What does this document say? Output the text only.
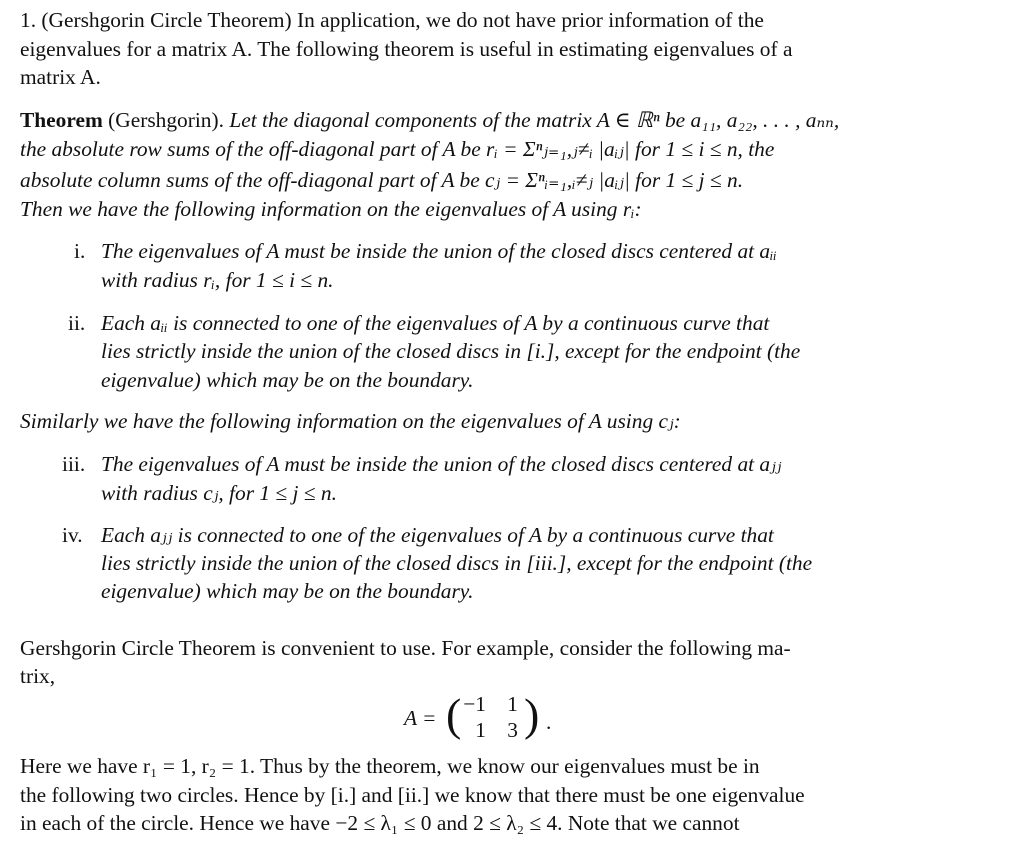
1. (Gershgorin Circle Theorem) In application, we do not have prior information of the
eigenvalues for a matrix A. The following theorem is useful in estimating eigenvalues of a
matrix A.
Theorem (Gershgorin). Let the diagonal components of the matrix A ∈ ℝⁿ be a₁₁, a₂₂, . . . , aₙₙ,
the absolute row sums of the off-diagonal part of A be rᵢ = Σⁿⱼ₌₁,ⱼ≠ᵢ |aᵢⱼ| for 1 ≤ i ≤ n, the
absolute column sums of the off-diagonal part of A be cⱼ = Σⁿᵢ₌₁,ᵢ≠ⱼ |aᵢⱼ| for 1 ≤ j ≤ n.
Then we have the following information on the eigenvalues of A using rᵢ:
i. The eigenvalues of A must be inside the union of the closed discs centered at aᵢᵢ
with radius rᵢ, for 1 ≤ i ≤ n.
ii. Each aᵢᵢ is connected to one of the eigenvalues of A by a continuous curve that
lies strictly inside the union of the closed discs in [i.], except for the endpoint (the
eigenvalue) which may be on the boundary.
Similarly we have the following information on the eigenvalues of A using cⱼ:
iii. The eigenvalues of A must be inside the union of the closed discs centered at aⱼⱼ
with radius cⱼ, for 1 ≤ j ≤ n.
iv. Each aⱼⱼ is connected to one of the eigenvalues of A by a continuous curve that
lies strictly inside the union of the closed discs in [iii.], except for the endpoint (the
eigenvalue) which may be on the boundary.
Gershgorin Circle Theorem is convenient to use. For example, consider the following ma-
trix,
A = ( −1 1
1 3 ) .
Here we have r₁ = 1, r₂ = 1. Thus by the theorem, we know our eigenvalues must be in
the following two circles. Hence by [i.] and [ii.] we know that there must be one eigenvalue
in each of the circle. Hence we have −2 ≤ λ₁ ≤ 0 and 2 ≤ λ₂ ≤ 4. Note that we cannot
